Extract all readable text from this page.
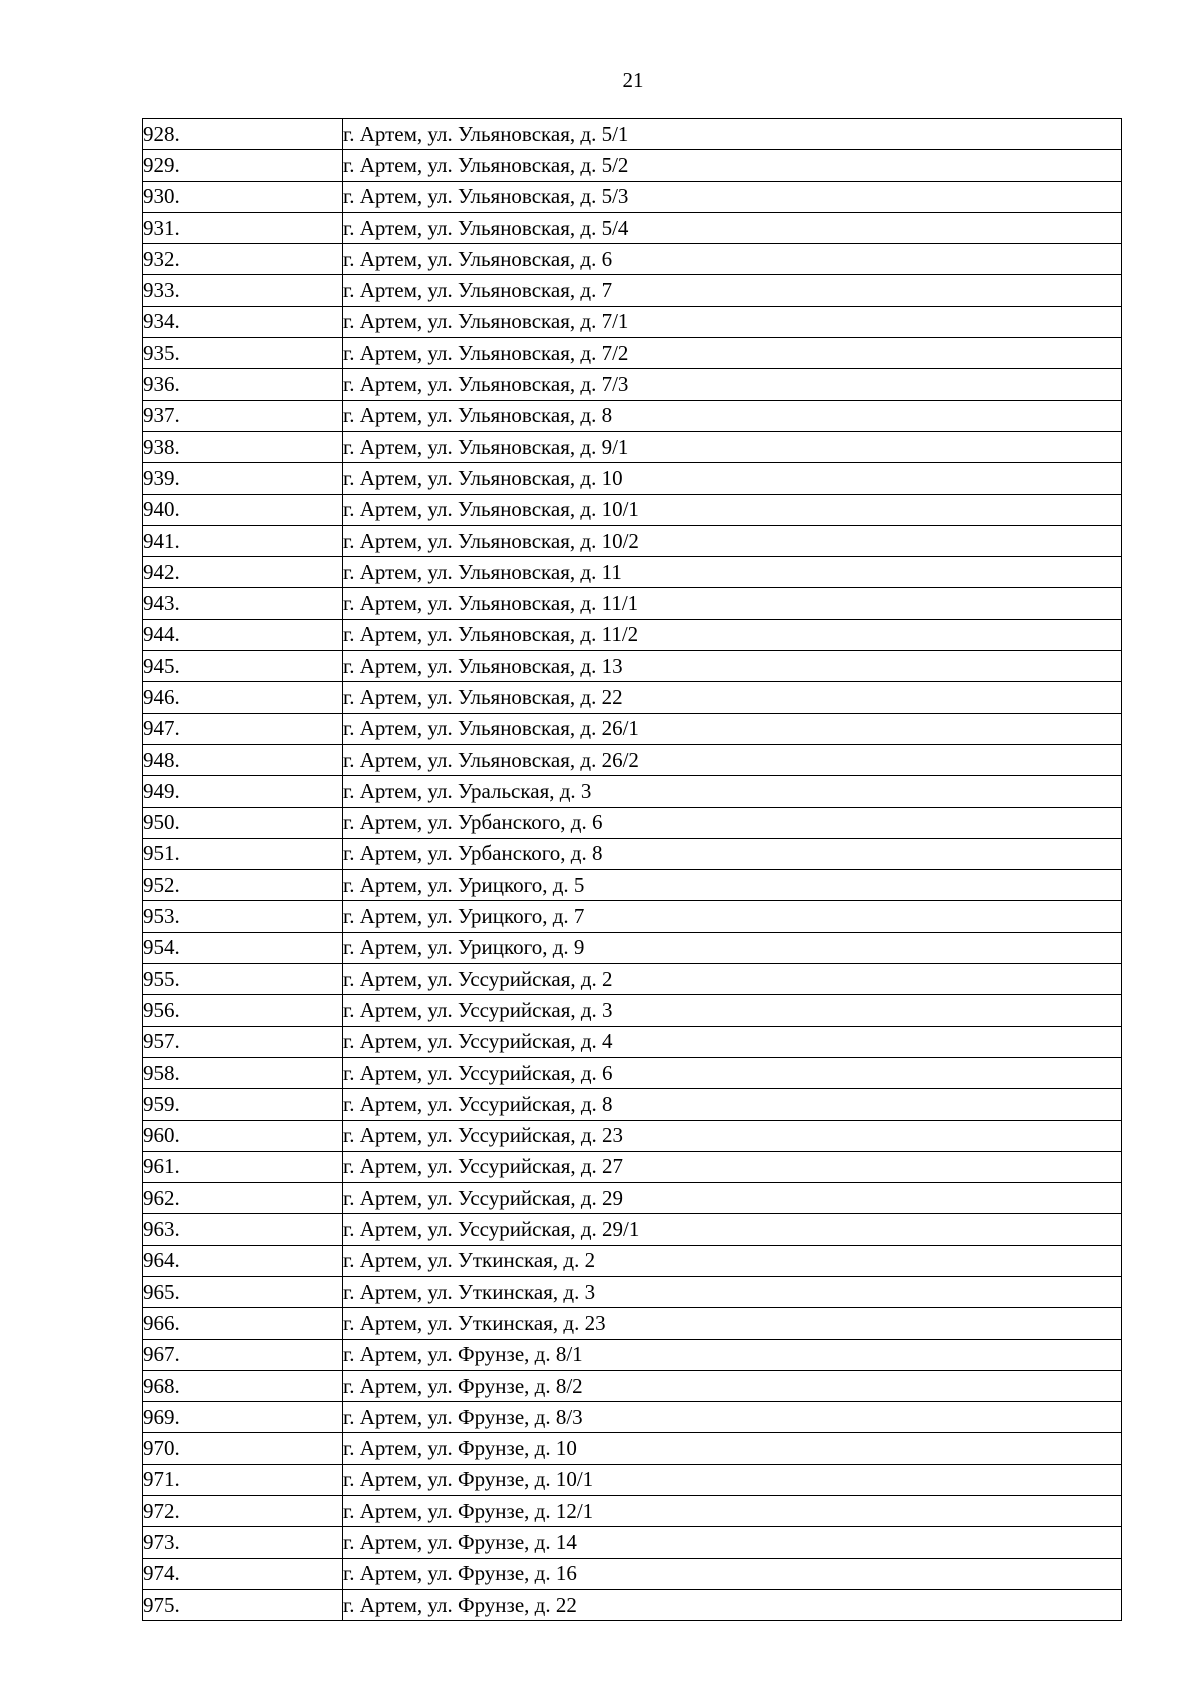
21
928.	г. Артем, ул. Ульяновская, д. 5/1
929.	г. Артем, ул. Ульяновская, д. 5/2
930.	г. Артем, ул. Ульяновская, д. 5/3
931.	г. Артем, ул. Ульяновская, д. 5/4
932.	г. Артем, ул. Ульяновская, д. 6
933.	г. Артем, ул. Ульяновская, д. 7
934.	г. Артем, ул. Ульяновская, д. 7/1
935.	г. Артем, ул. Ульяновская, д. 7/2
936.	г. Артем, ул. Ульяновская, д. 7/3
937.	г. Артем, ул. Ульяновская, д. 8
938.	г. Артем, ул. Ульяновская, д. 9/1
939.	г. Артем, ул. Ульяновская, д. 10
940.	г. Артем, ул. Ульяновская, д. 10/1
941.	г. Артем, ул. Ульяновская, д. 10/2
942.	г. Артем, ул. Ульяновская, д. 11
943.	г. Артем, ул. Ульяновская, д. 11/1
944.	г. Артем, ул. Ульяновская, д. 11/2
945.	г. Артем, ул. Ульяновская, д. 13
946.	г. Артем, ул. Ульяновская, д. 22
947.	г. Артем, ул. Ульяновская, д. 26/1
948.	г. Артем, ул. Ульяновская, д. 26/2
949.	г. Артем, ул. Уральская, д. 3
950.	г. Артем, ул. Урбанского, д. 6
951.	г. Артем, ул. Урбанского, д. 8
952.	г. Артем, ул. Урицкого, д. 5
953.	г. Артем, ул. Урицкого, д. 7
954.	г. Артем, ул. Урицкого, д. 9
955.	г. Артем, ул. Уссурийская, д. 2
956.	г. Артем, ул. Уссурийская, д. 3
957.	г. Артем, ул. Уссурийская, д. 4
958.	г. Артем, ул. Уссурийская, д. 6
959.	г. Артем, ул. Уссурийская, д. 8
960.	г. Артем, ул. Уссурийская, д. 23
961.	г. Артем, ул. Уссурийская, д. 27
962.	г. Артем, ул. Уссурийская, д. 29
963.	г. Артем, ул. Уссурийская, д. 29/1
964.	г. Артем, ул. Уткинская, д. 2
965.	г. Артем, ул. Уткинская, д. 3
966.	г. Артем, ул. Уткинская, д. 23
967.	г. Артем, ул. Фрунзе, д. 8/1
968.	г. Артем, ул. Фрунзе, д. 8/2
969.	г. Артем, ул. Фрунзе, д. 8/3
970.	г. Артем, ул. Фрунзе, д. 10
971.	г. Артем, ул. Фрунзе, д. 10/1
972.	г. Артем, ул. Фрунзе, д. 12/1
973.	г. Артем, ул. Фрунзе, д. 14
974.	г. Артем, ул. Фрунзе, д. 16
975.	г. Артем, ул. Фрунзе, д. 22
